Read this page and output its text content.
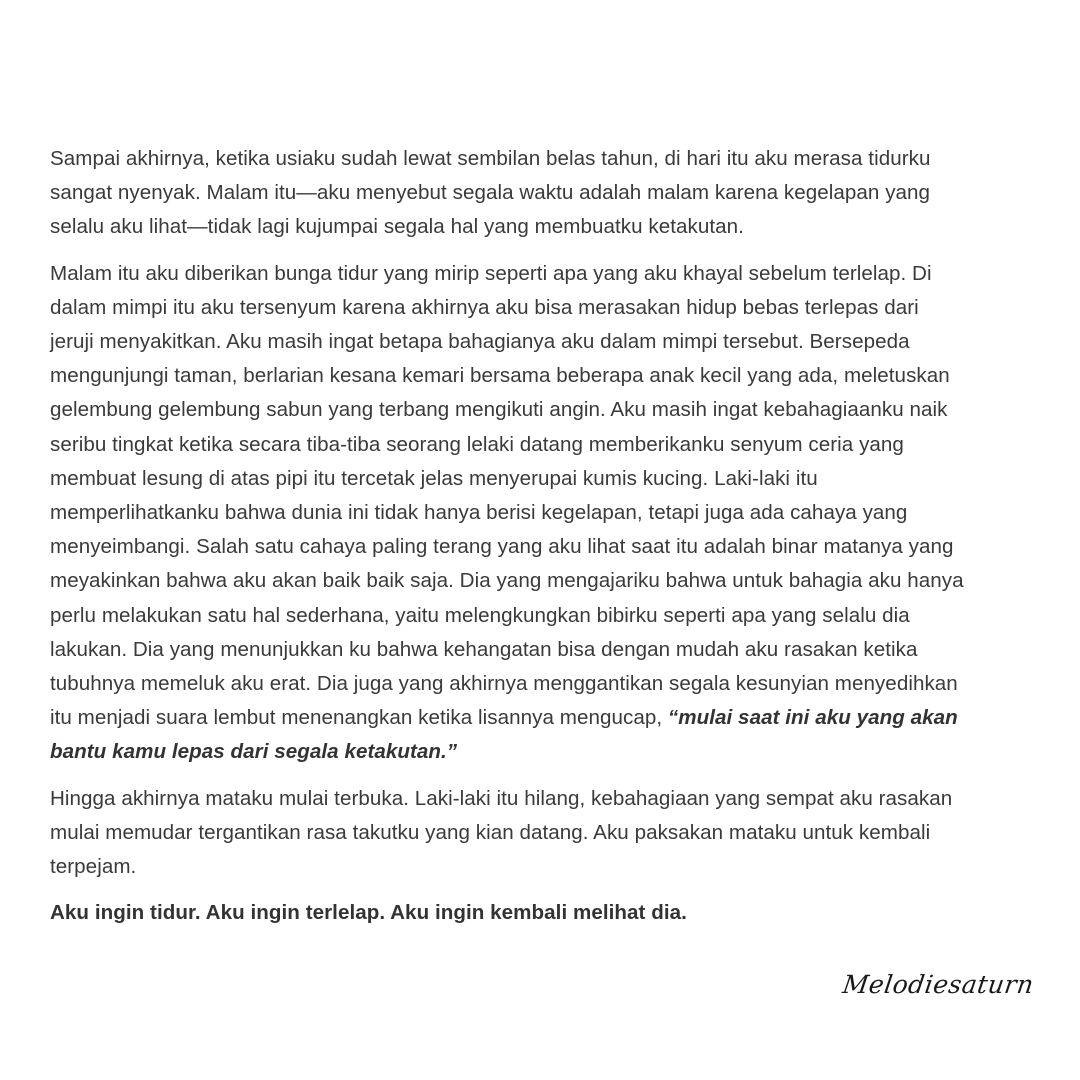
Sampai akhirnya, ketika usiaku sudah lewat sembilan belas tahun, di hari itu aku merasa tidurku
sangat nyenyak. Malam itu—aku menyebut segala waktu adalah malam karena kegelapan yang
selalu aku lihat—tidak lagi kujumpai segala hal yang membuatku ketakutan.

Malam itu aku diberikan bunga tidur yang mirip seperti apa yang aku khayal sebelum terlelap. Di
dalam mimpi itu aku tersenyum karena akhirnya aku bisa merasakan hidup bebas terlepas dari
jeruji menyakitkan. Aku masih ingat betapa bahagianya aku dalam mimpi tersebut. Bersepeda
mengunjungi taman, berlarian kesana kemari bersama beberapa anak kecil yang ada, meletuskan
gelembung gelembung sabun yang terbang mengikuti angin. Aku masih ingat kebahagiaanku naik
seribu tingkat ketika secara tiba-tiba seorang lelaki datang memberikanku senyum ceria yang
membuat lesung di atas pipi itu tercetak jelas menyerupai kumis kucing. Laki-laki itu
memperlihatkanku bahwa dunia ini tidak hanya berisi kegelapan, tetapi juga ada cahaya yang
menyeimbangi. Salah satu cahaya paling terang yang aku lihat saat itu adalah binar matanya yang
meyakinkan bahwa aku akan baik baik saja. Dia yang mengajariku bahwa untuk bahagia aku hanya
perlu melakukan satu hal sederhana, yaitu melengkungkan bibirku seperti apa yang selalu dia
lakukan. Dia yang menunjukkan ku bahwa kehangatan bisa dengan mudah aku rasakan ketika
tubuhnya memeluk aku erat. Dia juga yang akhirnya menggantikan segala kesunyian menyedihkan
itu menjadi suara lembut menenangkan ketika lisannya mengucap, “mulai saat ini aku yang akan
bantu kamu lepas dari segala ketakutan.”

Hingga akhirnya mataku mulai terbuka. Laki-laki itu hilang, kebahagiaan yang sempat aku rasakan
mulai memudar tergantikan rasa takutku yang kian datang. Aku paksakan mataku untuk kembali
terpejam.

Aku ingin tidur. Aku ingin terlelap. Aku ingin kembali melihat dia.

Melodiesaturn
